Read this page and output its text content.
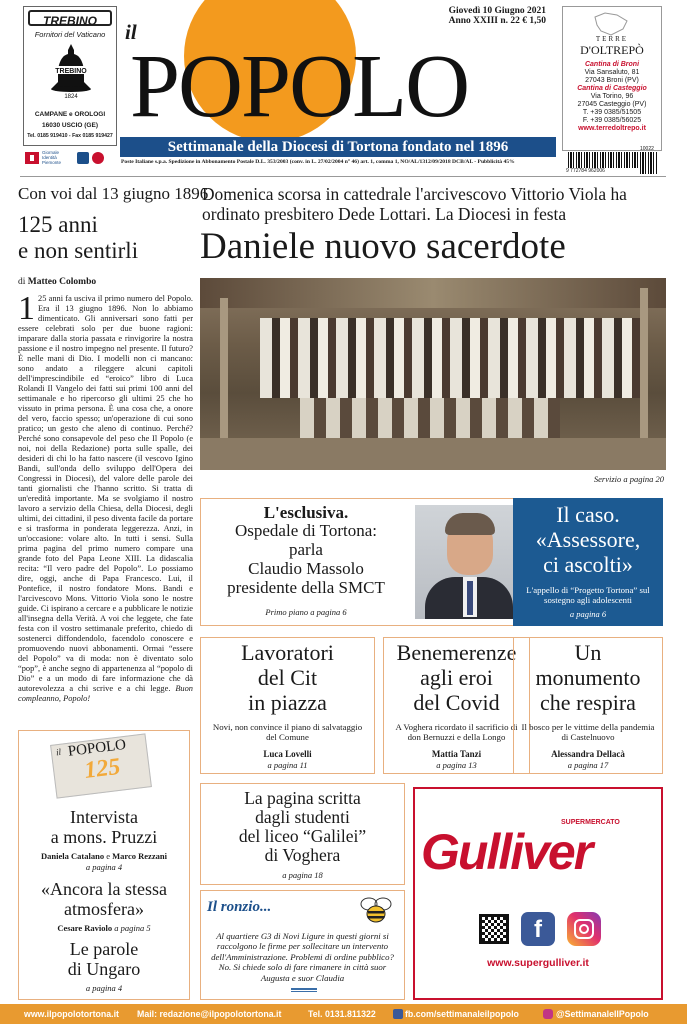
TREBINO
Fornitori del Vaticano
TREBINO
1824
CAMPANE e OROLOGI
16030 USCIO (GE)
Tel. 0185 919410 - Fax 0185 919427
Giornale
Identità
Piemonte
il
POPOLO
Giovedì 10 Giugno 2021
Anno XXIII n. 22 € 1,50
Settimanale della Diocesi di Tortona fondato nel 1896
Poste Italiane s.p.a. Spedizione in Abbonamento Postale D.L. 353/2003 (conv. in L. 27/02/2004 n° 46) art. 1, comma 1, NO/AL/1312/09/2018 DCB/AL - Pubblicità 45%
TERRE
D'OLTREPÒ
Cantina di Broni
Via Sansaluto, 81
27043 Broni (PV)
Cantina di Casteggio
Via Torino, 96
27045 Casteggio (PV)
T. +39 0385/51505
F. +39 0385/56025
www.terredoltrepo.it
9 772784 962006
10022
Con voi dal 13 giugno 1896
125 anni
e non sentirli
di Matteo Colombo
1 25 anni fa usciva il primo numero del Popolo. Era il 13 giugno 1896. Non lo abbiamo dimenticato. Gli anniversari sono fatti per essere celebrati solo per due buone ragioni: imparare dalla storia passata e rinvigorire la nostra passione e il nostro impegno nel presente. Il futuro? È nelle mani di Dio. I modelli non ci mancano: sono andato a rileggere alcuni capitoli dell'imprescindibile ed “eroico” libro di Luca Rolandi Il Vangelo dei fatti sui primi 100 anni del settimanale e ho ripercorso gli ultimi 25 che ho vissuto in prima persona. È una cosa che, a onore del vero, faccio spesso; un'operazione di cui sono pratico; un gesto che aleno di continuo. Perché? Perché sono consapevole del peso che Il Popolo (e noi, noi della Redazione) porta sulle spalle, dei desideri di chi lo ha fatto nascere (il vescovo Igino Bandi, sull'onda dello sviluppo dell'Opera dei Congressi in Diocesi), del valore delle parole dei tanti giornalisti che l'hanno scritto. Si tratta di un'eredità importante. Ma se svolgiamo il nostro lavoro a servizio della Chiesa, della Diocesi, degli ultimi, dei cittadini, il peso diventa facile da portare e si trasforma in ponderata leggerezza. Anzi, in un'occasione: volare alto. In tutti i sensi. Sulla prima pagina del primo numero compare una grande foto del Papa Leone XIII. La didascalia recita: “Il vero padre del Popolo”. Lo possiamo dire, oggi, anche di Papa Francesco. Lui, il Pontefice, il nostro fondatore Mons. Bandi e l'arcivescovo Mons. Vittorio Viola sono le nostre guide. Ci ispirano a cercare e a pubblicare le notizie all'insegna della Verità. A voi che leggete, che fate festa con il vostro settimanale preferito, chiedo di sostenerci diffondendolo, facendolo conoscere e promuovendo nuovi abbonamenti. Ormai “essere del Popolo” va di moda: non è diventato solo “pop”, è anche segno di appartenenza al “popolo di Dio” e a un modo di fare informazione che dà autorevolezza a chi scrive e a chi legge. Buon compleanno, Popolo!
Domenica scorsa in cattedrale l'arcivescovo Vittorio Viola ha ordinato presbitero Dede Lottari. La Diocesi in festa
Daniele nuovo sacerdote
Servizio a pagina 20
L'esclusiva.
Ospedale di Tortona:
parla
Claudio Massolo
presidente della SMCT
Primo piano a pagina 6
Il caso.
«Assessore,
ci ascolti»
L'appello di “Progetto Tortona” sul sostegno agli adolescenti
a pagina 6
Lavoratori
del Cit
in piazza
Novi, non convince il piano di salvataggio del Comune
Luca Lovelli
a pagina 11
Benemerenze
agli eroi
del Covid
A Voghera ricordato il sacrificio di don Bernuzzi e della Longo
Mattia Tanzi
a pagina 13
Un
monumento
che respira
Il bosco per le vittime della pandemia di Castelnuovo
Alessandra Dellacà
a pagina 17
La pagina scritta
dagli studenti
del liceo “Galilei”
di Voghera
a pagina 18
Il ronzio...
Al quartiere G3 di Novi Ligure in questi giorni si raccolgono le firme per sollecitare un intervento dell'Amministrazione. Problemi di ordine pubblico? No. Si chiede solo di fare rimanere in città suor Augusta e suor Claudia
il POPOLO
125
Intervista
a mons. Pruzzi
Daniela Catalano e Marco Rezzani
a pagina 4
«Ancora la stessa
atmosfera»
Cesare Raviolo a pagina 5
Le parole
di Ungaro
a pagina 4
SUPERMERCATO
Gulliver
f
www.supergulliver.it
www.ilpopolotortona.it Mail: redazione@ilpopolotortona.it	Tel. 0131.811322	fb.com/settimanaleilpopolo	@SettimanaleIlPopolo
